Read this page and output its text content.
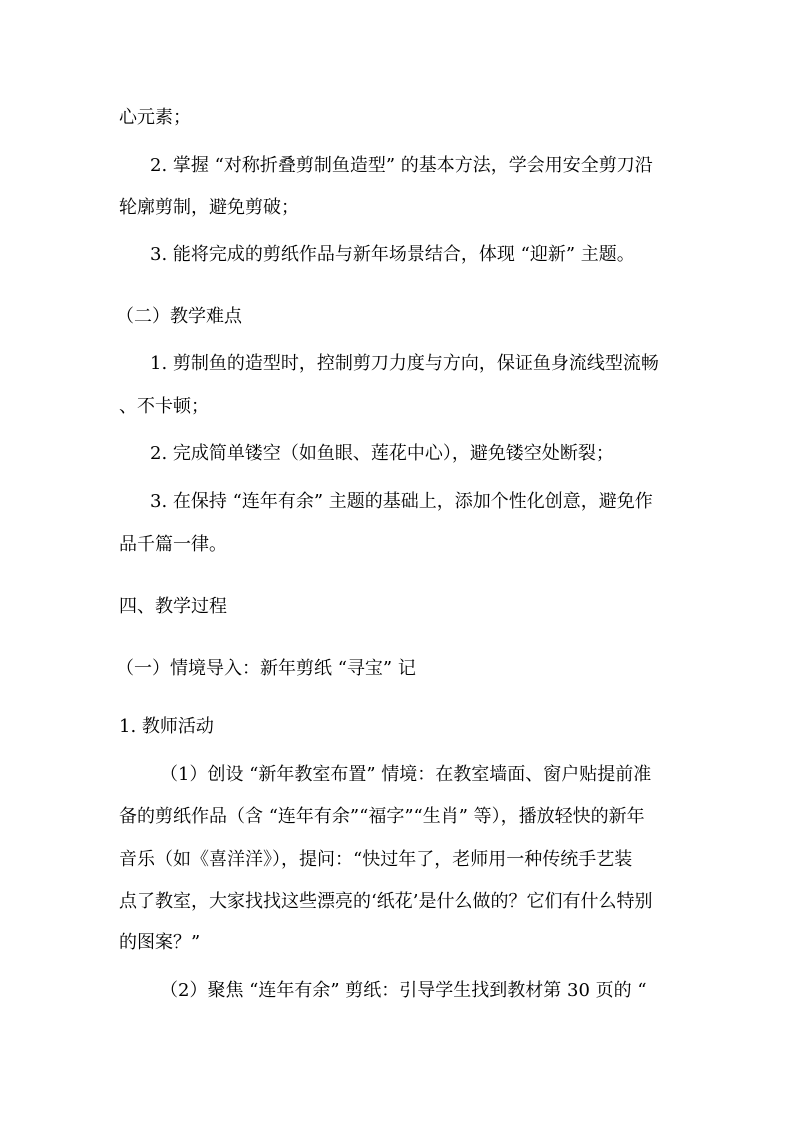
心元素；
2. 掌握 “对称折叠剪制鱼造型” 的基本方法，学会用安全剪刀沿
轮廓剪制，避免剪破；
3. 能将完成的剪纸作品与新年场景结合，体现 “迎新” 主题。
（二）教学难点
1. 剪制鱼的造型时，控制剪刀力度与方向，保证鱼身流线型流畅
、不卡顿；
2. 完成简单镂空（如鱼眼、莲花中心），避免镂空处断裂；
3. 在保持 “连年有余” 主题的基础上，添加个性化创意，避免作
品千篇一律。
四、教学过程
（一）情境导入：新年剪纸 “寻宝” 记
1. 教师活动
（1）创设 “新年教室布置” 情境：在教室墙面、窗户贴提前准
备的剪纸作品（含 “连年有余”“福字”“生肖” 等），播放轻快的新年
音乐（如《喜洋洋》），提问：“快过年了，老师用一种传统手艺装
点了教室，大家找找这些漂亮的‘纸花’是什么做的？它们有什么特别
的图案？”
（2）聚焦 “连年有余” 剪纸：引导学生找到教材第 30 页的 “
